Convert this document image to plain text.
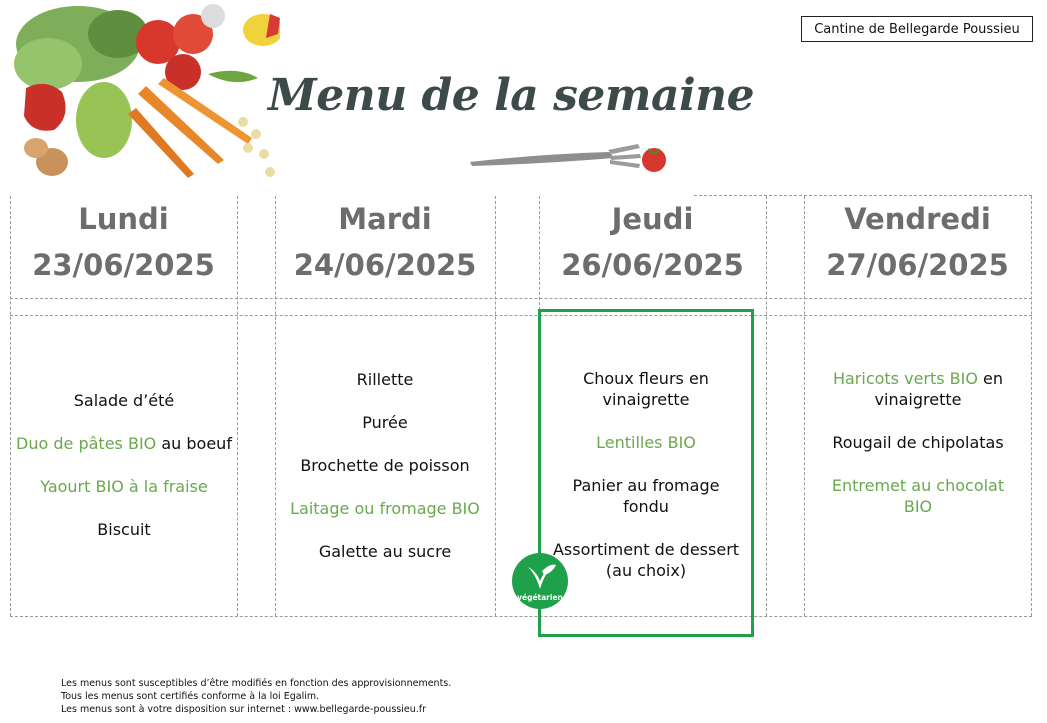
Menu de la semaine
Cantine de Bellegarde Poussieu
Lundi
23/06/2025
Mardi
24/06/2025
Jeudi
26/06/2025
Vendredi
27/06/2025
Salade d’été
Duo de pâtes BIO au boeuf
Yaourt BIO à la fraise
Biscuit
Rillette
Purée
Brochette de poisson
Laitage ou fromage BIO
Galette au sucre
Choux fleurs en vinaigrette
Lentilles BIO
Panier au fromage fondu
Assortiment de dessert (au choix)
Haricots verts BIO en vinaigrette
Rougail de chipolatas
Entremet au chocolat BIO
végétarien
Les menus sont susceptibles d’être modifiés en fonction des approvisionnements.
Tous les menus sont certifiés conforme à la loi Egalim.
Les menus sont à votre disposition sur internet : www.bellegarde-poussieu.fr
